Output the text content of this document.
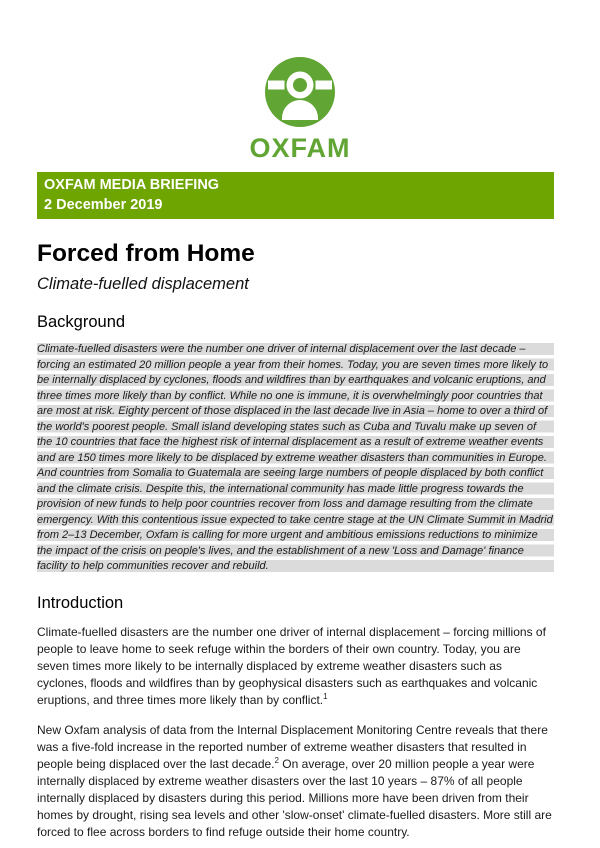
OXFAM
OXFAM MEDIA BRIEFING
2 December 2019
Forced from Home
Climate-fuelled displacement
Background

Climate-fuelled disasters were the number one driver of internal displacement over the last decade – forcing an estimated 20 million people a year from their homes. Today, you are seven times more likely to be internally displaced by cyclones, floods and wildfires than by earthquakes and volcanic eruptions, and three times more likely than by conflict. While no one is immune, it is overwhelmingly poor countries that are most at risk. Eighty percent of those displaced in the last decade live in Asia – home to over a third of the world's poorest people. Small island developing states such as Cuba and Tuvalu make up seven of the 10 countries that face the highest risk of internal displacement as a result of extreme weather events and are 150 times more likely to be displaced by extreme weather disasters than communities in Europe. And countries from Somalia to Guatemala are seeing large numbers of people displaced by both conflict and the climate crisis. Despite this, the international community has made little progress towards the provision of new funds to help poor countries recover from loss and damage resulting from the climate emergency. With this contentious issue expected to take centre stage at the UN Climate Summit in Madrid from 2–13 December, Oxfam is calling for more urgent and ambitious emissions reductions to minimize the impact of the crisis on people's lives, and the establishment of a new 'Loss and Damage' finance facility to help communities recover and rebuild.

Introduction

Climate-fuelled disasters are the number one driver of internal displacement – forcing millions of people to leave home to seek refuge within the borders of their own country. Today, you are seven times more likely to be internally displaced by extreme weather disasters such as cyclones, floods and wildfires than by geophysical disasters such as earthquakes and volcanic eruptions, and three times more likely than by conflict.$^1$

New Oxfam analysis of data from the Internal Displacement Monitoring Centre reveals that there was a five-fold increase in the reported number of extreme weather disasters that resulted in people being displaced over the last decade.$^2$ On average, over 20 million people a year were internally displaced by extreme weather disasters over the last 10 years – 87% of all people internally displaced by disasters during this period. Millions more have been driven from their homes by drought, rising sea levels and other 'slow-onset' climate-fuelled disasters. More still are forced to flee across borders to find refuge outside their home country.
